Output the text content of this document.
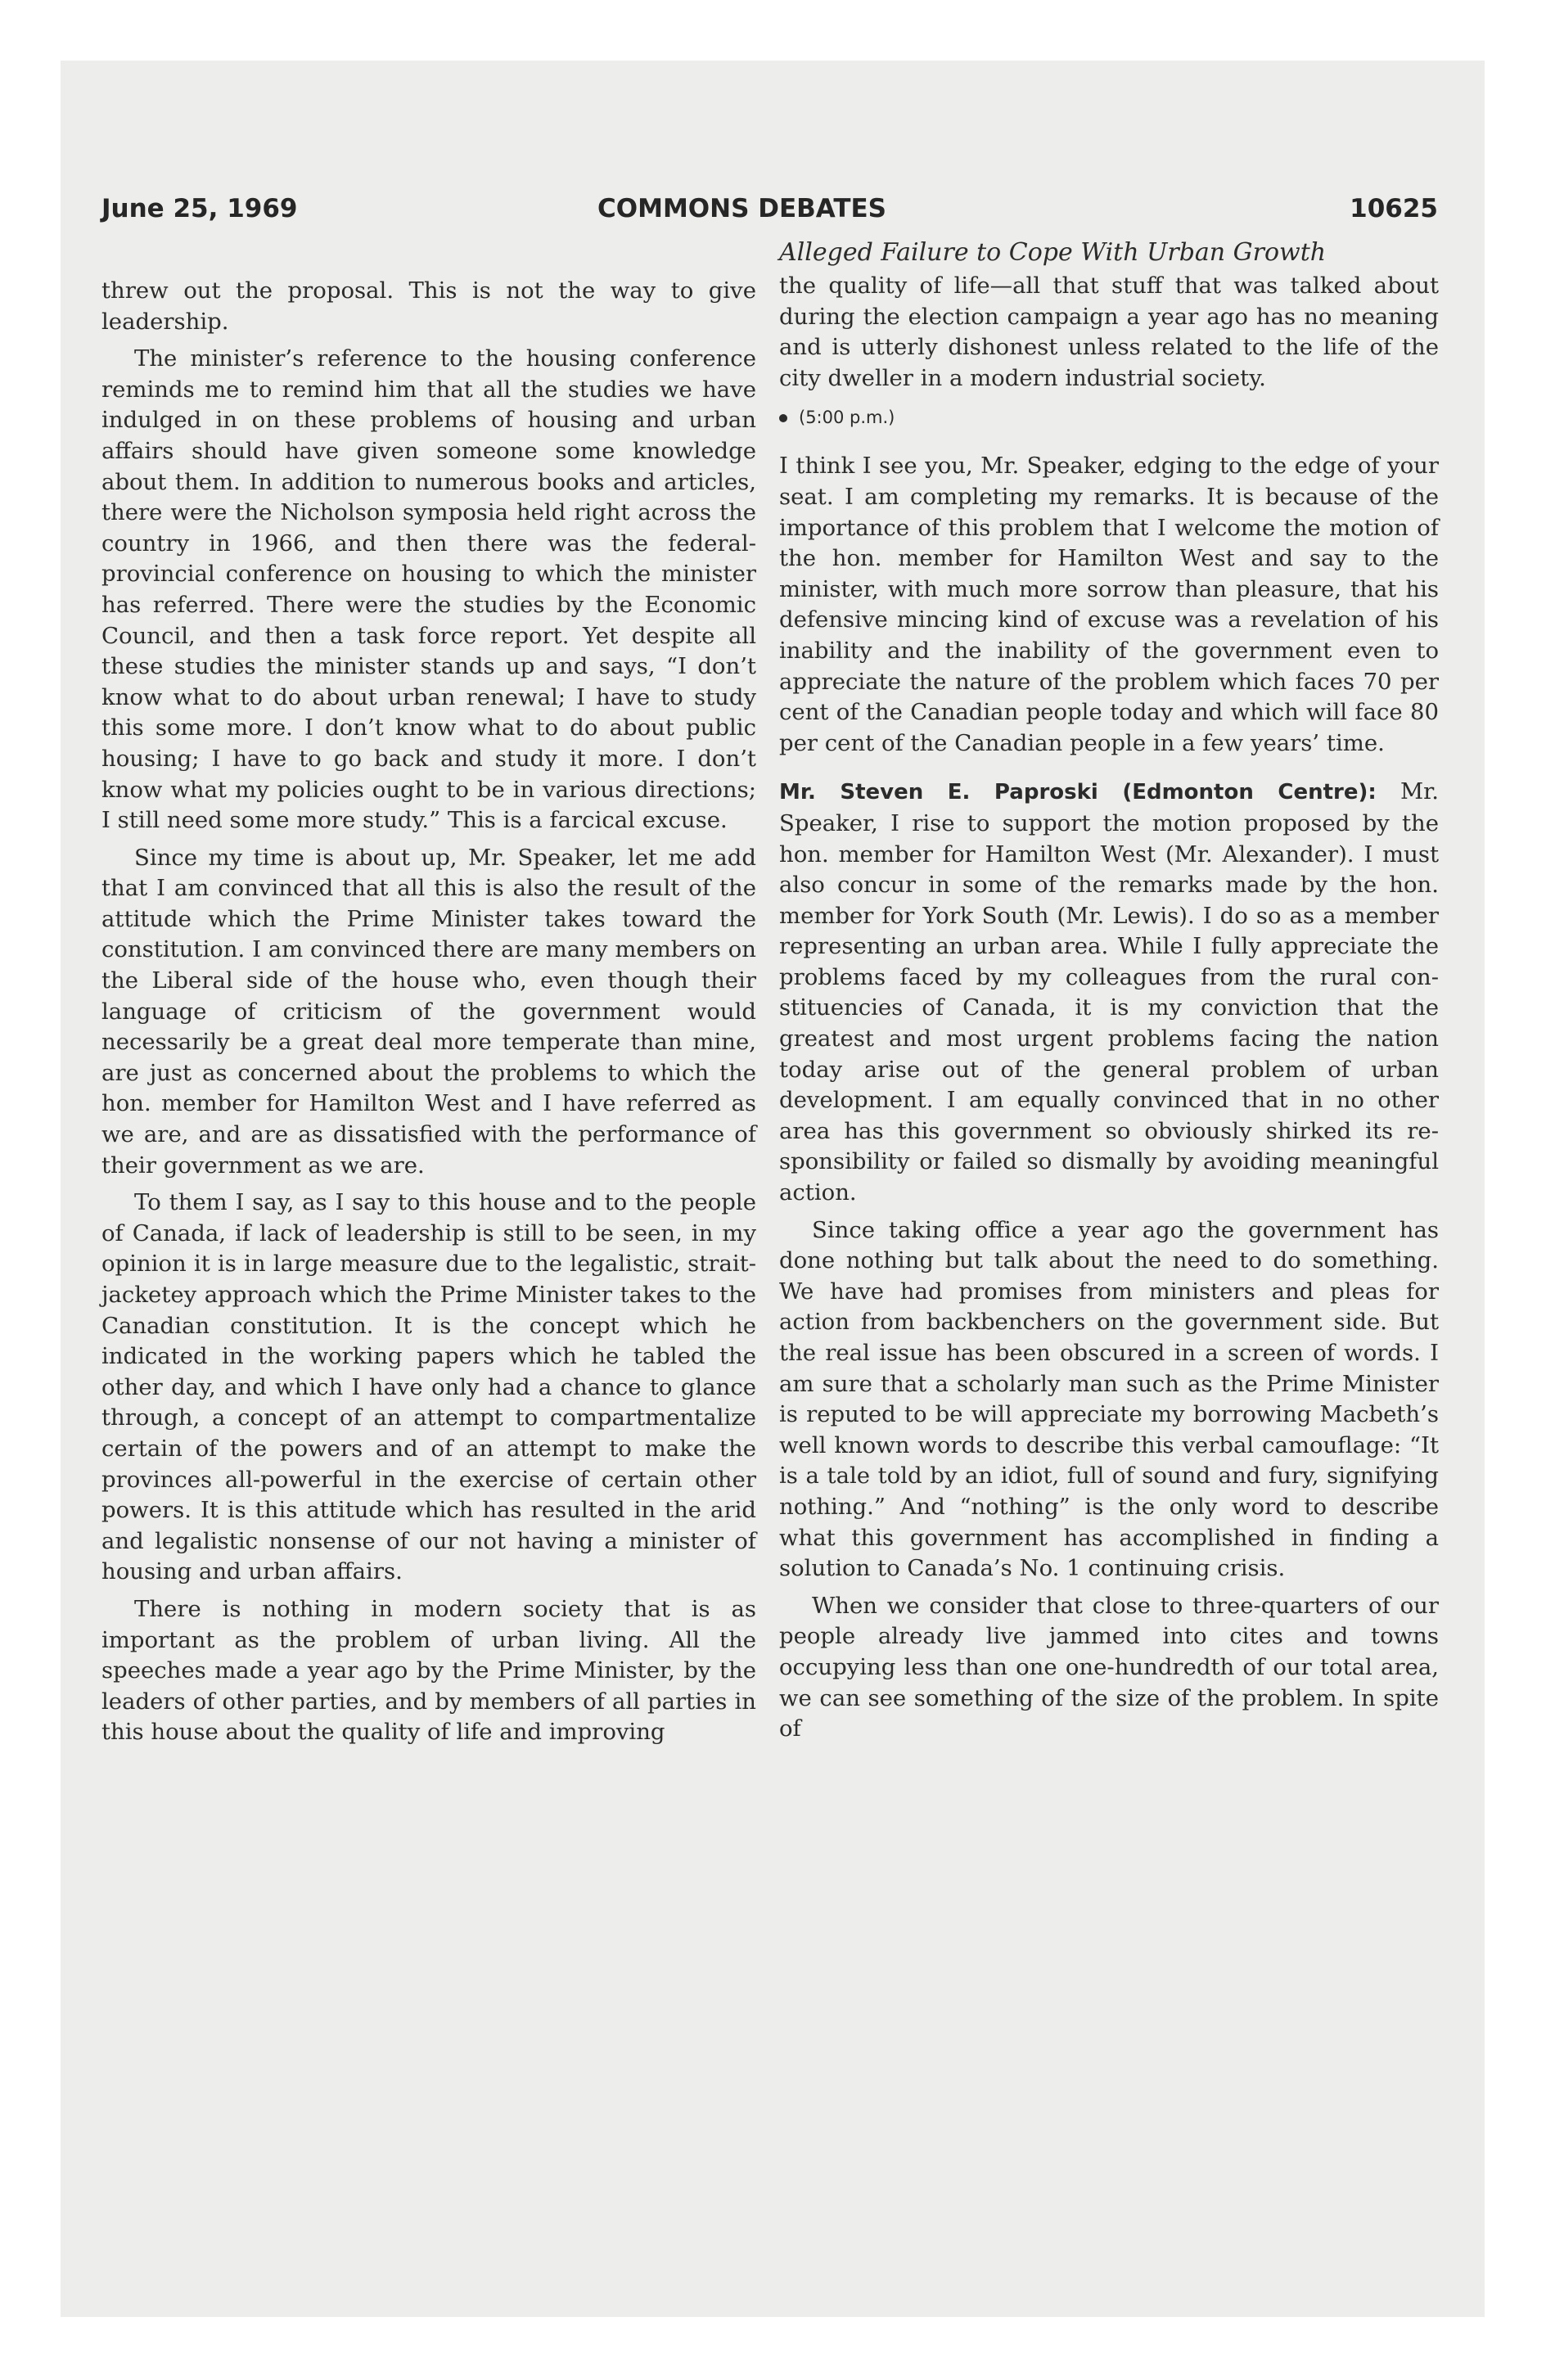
June 25, 1969	COMMONS DEBATES	10625

threw out the proposal. This is not the way to give leadership.

The minister’s reference to the housing conference reminds me to remind him that all the studies we have indulged in on these problems of housing and urban affairs should have given someone some knowledge about them. In addition to numerous books and articles, there were the Nicholson symposia held right across the country in 1966, and then there was the federal-provincial conference on housing to which the minister has referred. There were the studies by the Economic Council, and then a task force report. Yet despite all these studies the minister stands up and says, “I don’t know what to do about urban renewal; I have to study this some more. I don’t know what to do about public housing; I have to go back and study it more. I don’t know what my policies ought to be in various directions; I still need some more study.” This is a farcical excuse.

Since my time is about up, Mr. Speaker, let me add that I am convinced that all this is also the result of the attitude which the Prime Minister takes toward the constitution. I am convinced there are many members on the Liberal side of the house who, even though their language of criticism of the government would necessarily be a great deal more temperate than mine, are just as concerned about the problems to which the hon. member for Hamilton West and I have referred as we are, and are as dissatisfied with the performance of their government as we are.

To them I say, as I say to this house and to the people of Canada, if lack of leadership is still to be seen, in my opinion it is in large measure due to the legalistic, strait-jacketey approach which the Prime Minister takes to the Canadian constitution. It is the concept which he indicated in the working papers which he tabled the other day, and which I have only had a chance to glance through, a concept of an attempt to compartmentalize certain of the powers and of an attempt to make the provinces all-powerful in the exercise of certain other powers. It is this attitude which has resulted in the arid and legalistic nonsense of our not having a minister of housing and urban affairs.

There is nothing in modern society that is as important as the problem of urban living. All the speeches made a year ago by the Prime Minister, by the leaders of other parties, and by members of all parties in this house about the quality of life and improving

Alleged Failure to Cope With Urban Growth

the quality of life—all that stuff that was talked about during the election campaign a year ago has no meaning and is utterly dishonest unless related to the life of the city dweller in a modern industrial society.

(5:00 p.m.)

I think I see you, Mr. Speaker, edging to the edge of your seat. I am completing my remarks. It is because of the importance of this problem that I welcome the motion of the hon. member for Hamilton West and say to the minister, with much more sorrow than pleasure, that his defensive mincing kind of excuse was a revelation of his inability and the inability of the government even to appreciate the nature of the problem which faces 70 per cent of the Canadian people today and which will face 80 per cent of the Canadian people in a few years’ time.

Mr. Steven E. Paproski (Edmonton Centre): Mr. Speaker, I rise to support the motion proposed by the hon. member for Hamilton West (Mr. Alexander). I must also concur in some of the remarks made by the hon. member for York South (Mr. Lewis). I do so as a member representing an urban area. While I fully appreciate the problems faced by my colleagues from the rural constituencies of Canada, it is my conviction that the greatest and most urgent problems facing the nation today arise out of the general problem of urban development. I am equally convinced that in no other area has this government so obviously shirked its responsibility or failed so dismally by avoiding meaningful action.

Since taking office a year ago the government has done nothing but talk about the need to do something. We have had promises from ministers and pleas for action from backbenchers on the government side. But the real issue has been obscured in a screen of words. I am sure that a scholarly man such as the Prime Minister is reputed to be will appreciate my borrowing Macbeth’s well known words to describe this verbal camouflage: “It is a tale told by an idiot, full of sound and fury, signifying nothing.” And “nothing” is the only word to describe what this government has accomplished in finding a solution to Canada’s No. 1 continuing crisis.

When we consider that close to three-quarters of our people already live jammed into cites and towns occupying less than one one-hundredth of our total area, we can see something of the size of the problem. In spite of
